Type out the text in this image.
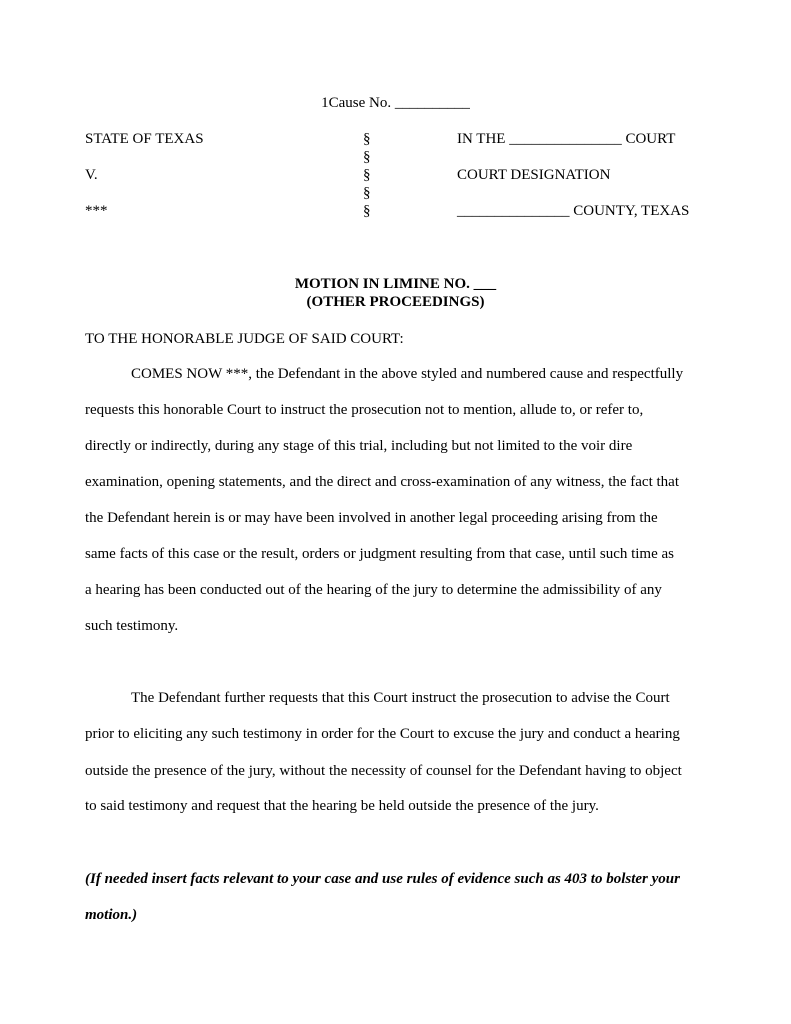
1Cause No. __________
STATE OF TEXAS
V.
***
§
§
§
§
§
IN THE _______________ COURT
COURT DESIGNATION
_______________ COUNTY, TEXAS
MOTION IN LIMINE NO. ___
(OTHER PROCEEDINGS)
TO THE HONORABLE JUDGE OF SAID COURT:
COMES NOW ***, the Defendant in the above styled and numbered cause and respectfully
requests this honorable Court to instruct the prosecution not to mention, allude to, or refer to,
directly or indirectly, during any stage of this trial, including but not limited to the voir dire
examination, opening statements, and the direct and cross-examination of any witness, the fact that
the Defendant herein is or may have been involved in another legal proceeding arising from the
same facts of this case or the result, orders or judgment resulting from that case, until such time as
a hearing has been conducted out of the hearing of the jury to determine the admissibility of any
such testimony.
The Defendant further requests that this Court instruct the prosecution to advise the Court
prior to eliciting any such testimony in order for the Court to excuse the jury and conduct a hearing
outside the presence of the jury, without the necessity of counsel for the Defendant having to object
to said testimony and request that the hearing be held outside the presence of the jury.
(If needed insert facts relevant to your case and use rules of evidence such as 403 to bolster your
motion.)
